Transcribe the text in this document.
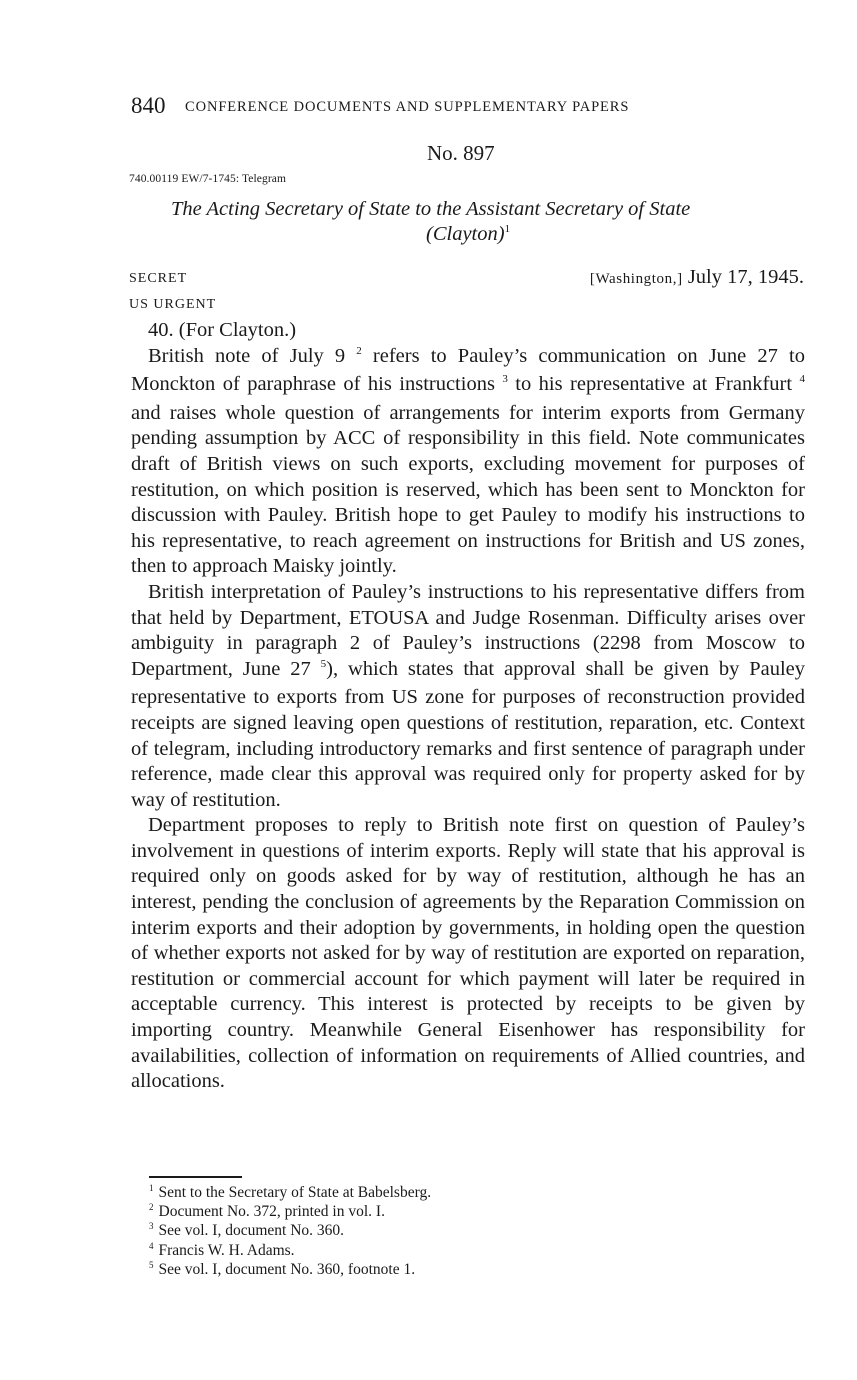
840 CONFERENCE DOCUMENTS AND SUPPLEMENTARY PAPERS
No. 897
740.00119 EW/7-1745: Telegram
The Acting Secretary of State to the Assistant Secretary of State
(Clayton)$^1$
SECRET
US URGENT
[Washington,] July 17, 1945.

40. (For Clayton.)

British note of July 9 $^2$ refers to Pauley’s communication on June 27 to Monckton of paraphrase of his instructions $^3$ to his representative at Frankfurt $^4$ and raises whole question of arrangements for interim exports from Germany pending assumption by ACC of responsibility in this field. Note communicates draft of British views on such exports, excluding movement for purposes of restitution, on which position is reserved, which has been sent to Monckton for discussion with Pauley. British hope to get Pauley to modify his instructions to his representative, to reach agreement on instructions for British and US zones, then to approach Maisky jointly.

British interpretation of Pauley’s instructions to his representative differs from that held by Department, ETOUSA and Judge Rosenman. Difficulty arises over ambiguity in paragraph 2 of Pauley’s instructions (2298 from Moscow to Department, June 27 $^5$), which states that approval shall be given by Pauley representative to exports from US zone for purposes of reconstruction provided receipts are signed leaving open questions of restitution, reparation, etc. Context of telegram, including introductory remarks and first sentence of paragraph under reference, made clear this approval was required only for property asked for by way of restitution.

Department proposes to reply to British note first on question of Pauley’s involvement in questions of interim exports. Reply will state that his approval is required only on goods asked for by way of restitution, although he has an interest, pending the conclusion of agreements by the Reparation Commission on interim exports and their adoption by governments, in holding open the question of whether exports not asked for by way of restitution are exported on reparation, restitution or commercial account for which payment will later be required in acceptable currency. This interest is protected by receipts to be given by importing country. Meanwhile General Eisenhower has responsibility for availabilities, collection of information on requirements of Allied countries, and allocations.

$^1$ Sent to the Secretary of State at Babelsberg.
$^2$ Document No. 372, printed in vol. I.
$^3$ See vol. I, document No. 360.
$^4$ Francis W. H. Adams.
$^5$ See vol. I, document No. 360, footnote 1.
